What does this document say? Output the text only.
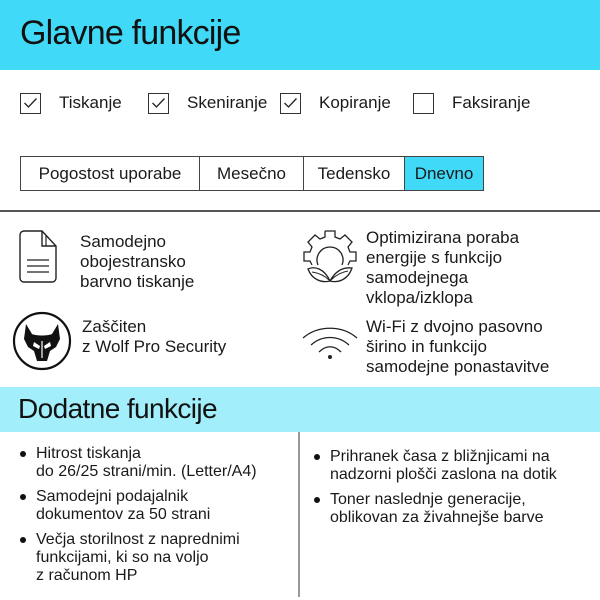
Glavne funkcije
Tiskanje	Skeniranje	Kopiranje	Faksiranje
Pogostost uporabe	Mesečno	Tedensko	Dnevno
Samodejno
obojestransko
barvno tiskanje
Optimizirana poraba
energije s funkcijo
samodejnega
vklopa/izklopa
Zaščiten
z Wolf Pro Security
Wi-Fi z dvojno pasovno
širino in funkcijo
samodejne ponastavitve
Dodatne funkcije
Hitrost tiskanja
do 26/25 strani/min. (Letter/A4)
Samodejni podajalnik
dokumentov za 50 strani
Večja storilnost z naprednimi
funkcijami, ki so na voljo
z računom HP
Prihranek časa z bližnjicami na
nadzorni plošči zaslona na dotik
Toner naslednje generacije,
oblikovan za živahnejše barve
